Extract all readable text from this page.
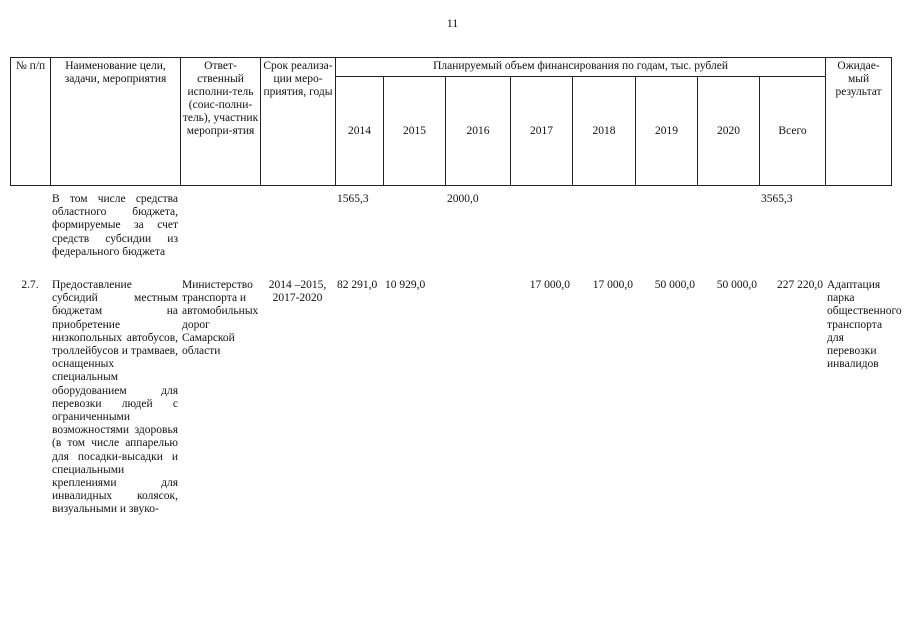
11
№ п/п	Наименование цели, задачи, мероприятия	Ответ-ственный исполни-тель (соис-полни-тель), участник меропри-ятия	Срок реализа-ции меро-приятия, годы	Планируемый объем финансирования по годам, тыс. рублей								Ожидае-мый результат
				2014	2015	2016	2017	2018	2019	2020	Всего	
	В том числе средства областного бюджета, формируемые за счет средств субсидии из федерального бюджета			1565,3		2000,0					3565,3	

2.7.	Предоставление субсидий местным бюджетам на приобретение низкопольных автобусов, троллейбусов и трамваев, оснащенных специальным оборудованием для перевозки людей с ограниченными возможностями здоровья (в том числе аппарелью для посадки-высадки и специальными креплениями для инвалидных колясок, визуальными и звуко-	Министерство транспорта и автомобильных дорог Самарской области	2014 –2015, 2017-2020	82 291,0	10 929,0		17 000,0	17 000,0	50 000,0	50 000,0	227 220,0	Адаптация парка общественного транспорта для перевозки инвалидов
